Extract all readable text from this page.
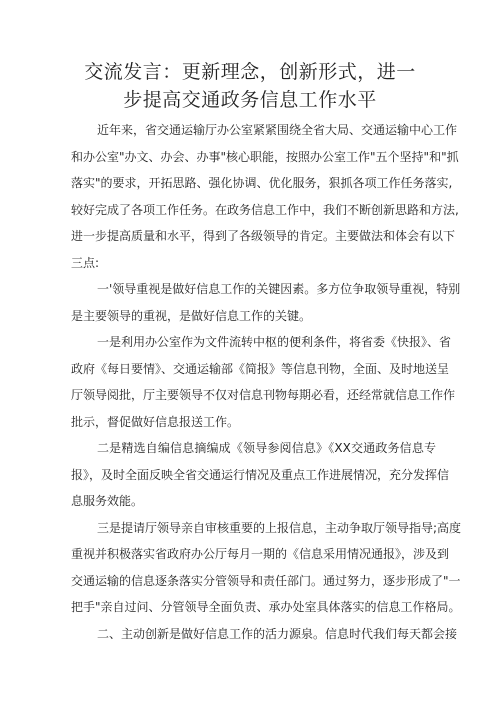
交流发言：更新理念，创新形式，进一
步提高交通政务信息工作水平
近年来，省交通运输厅办公室紧紧围绕全省大局、交通运输中心工作
和办公室"办文、办会、办事"核心职能，按照办公室工作"五个坚持"和"抓
落实"的要求，开拓思路、强化协调、优化服务，狠抓各项工作任务落实,
较好完成了各项工作任务。在政务信息工作中，我们不断创新思路和方法,
进一步提高质量和水平，得到了各级领导的肯定。主要做法和体会有以下
三点:
一'领导重视是做好信息工作的关键因素。多方位争取领导重视，特别
是主要领导的重视，是做好信息工作的关键。
一是利用办公室作为文件流转中枢的便利条件，将省委《快报》、省
政府《每日要情》、交通运输部《简报》等信息刊物，全面、及时地送呈
厅领导阅批，厅主要领导不仅对信息刊物每期必看，还经常就信息工作作
批示，督促做好信息报送工作。
二是精选自编信息摘编成《领导参阅信息》《XX交通政务信息专
报》，及时全面反映全省交通运行情况及重点工作进展情况，充分发挥信
息服务效能。
三是提请厅领导亲自审核重要的上报信息，主动争取厅领导指导;高度
重视并积极落实省政府办公厅每月一期的《信息采用情况通报》，涉及到
交通运输的信息逐条落实分管领导和责任部门。通过努力，逐步形成了"一
把手"亲自过问、分管领导全面负责、承办处室具体落实的信息工作格局。
二、主动创新是做好信息工作的活力源泉。信息时代我们每天都会接
